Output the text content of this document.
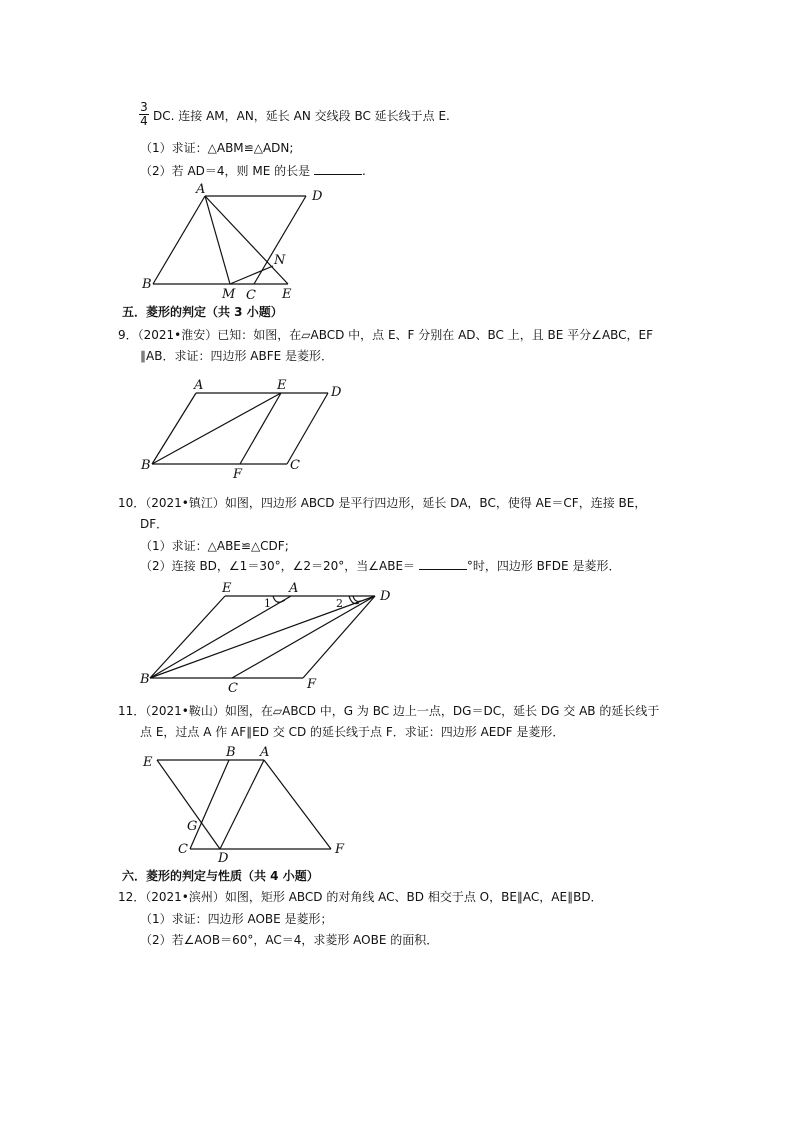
3
4 DC. 连接 AM，AN，延长 AN 交线段 BC 延长线于点 E.
（1）求证：△ABM≌△ADN;
（2）若 AD＝4，则 ME 的长是	.
A	D
B
M C E
N
五．菱形的判定（共 3 小题）
9．（2021•淮安）已知：如图，在▱ABCD 中，点 E、F 分别在 AD、BC 上，且 BE 平分∠ABC，EF
∥AB．求证：四边形 ABFE 是菱形．
A	E	D
B
F
C
10．（2021•镇江）如图，四边形 ABCD 是平行四边形，延长 DA，BC，使得 AE＝CF，连接 BE，
DF．
（1）求证：△ABE≌△CDF;
（2）连接 BD，∠1＝30°，∠2＝20°，当∠ABE＝	°时，四边形 BFDE 是菱形．
E	A
D
B
C	F
1	2
11．（2021•鞍山）如图，在▱ABCD 中，G 为 BC 边上一点，DG＝DC，延长 DG 交 AB 的延长线于
点 E，过点 A 作 AF∥ED 交 CD 的延长线于点 F．求证：四边形 AEDF 是菱形．
E
B A
G
C
D
F
六．菱形的判定与性质（共 4 小题）
12．（2021•滨州）如图，矩形 ABCD 的对角线 AC、BD 相交于点 O，BE∥AC，AE∥BD．
（1）求证：四边形 AOBE 是菱形；
（2）若∠AOB＝60°，AC＝4，求菱形 AOBE 的面积．
